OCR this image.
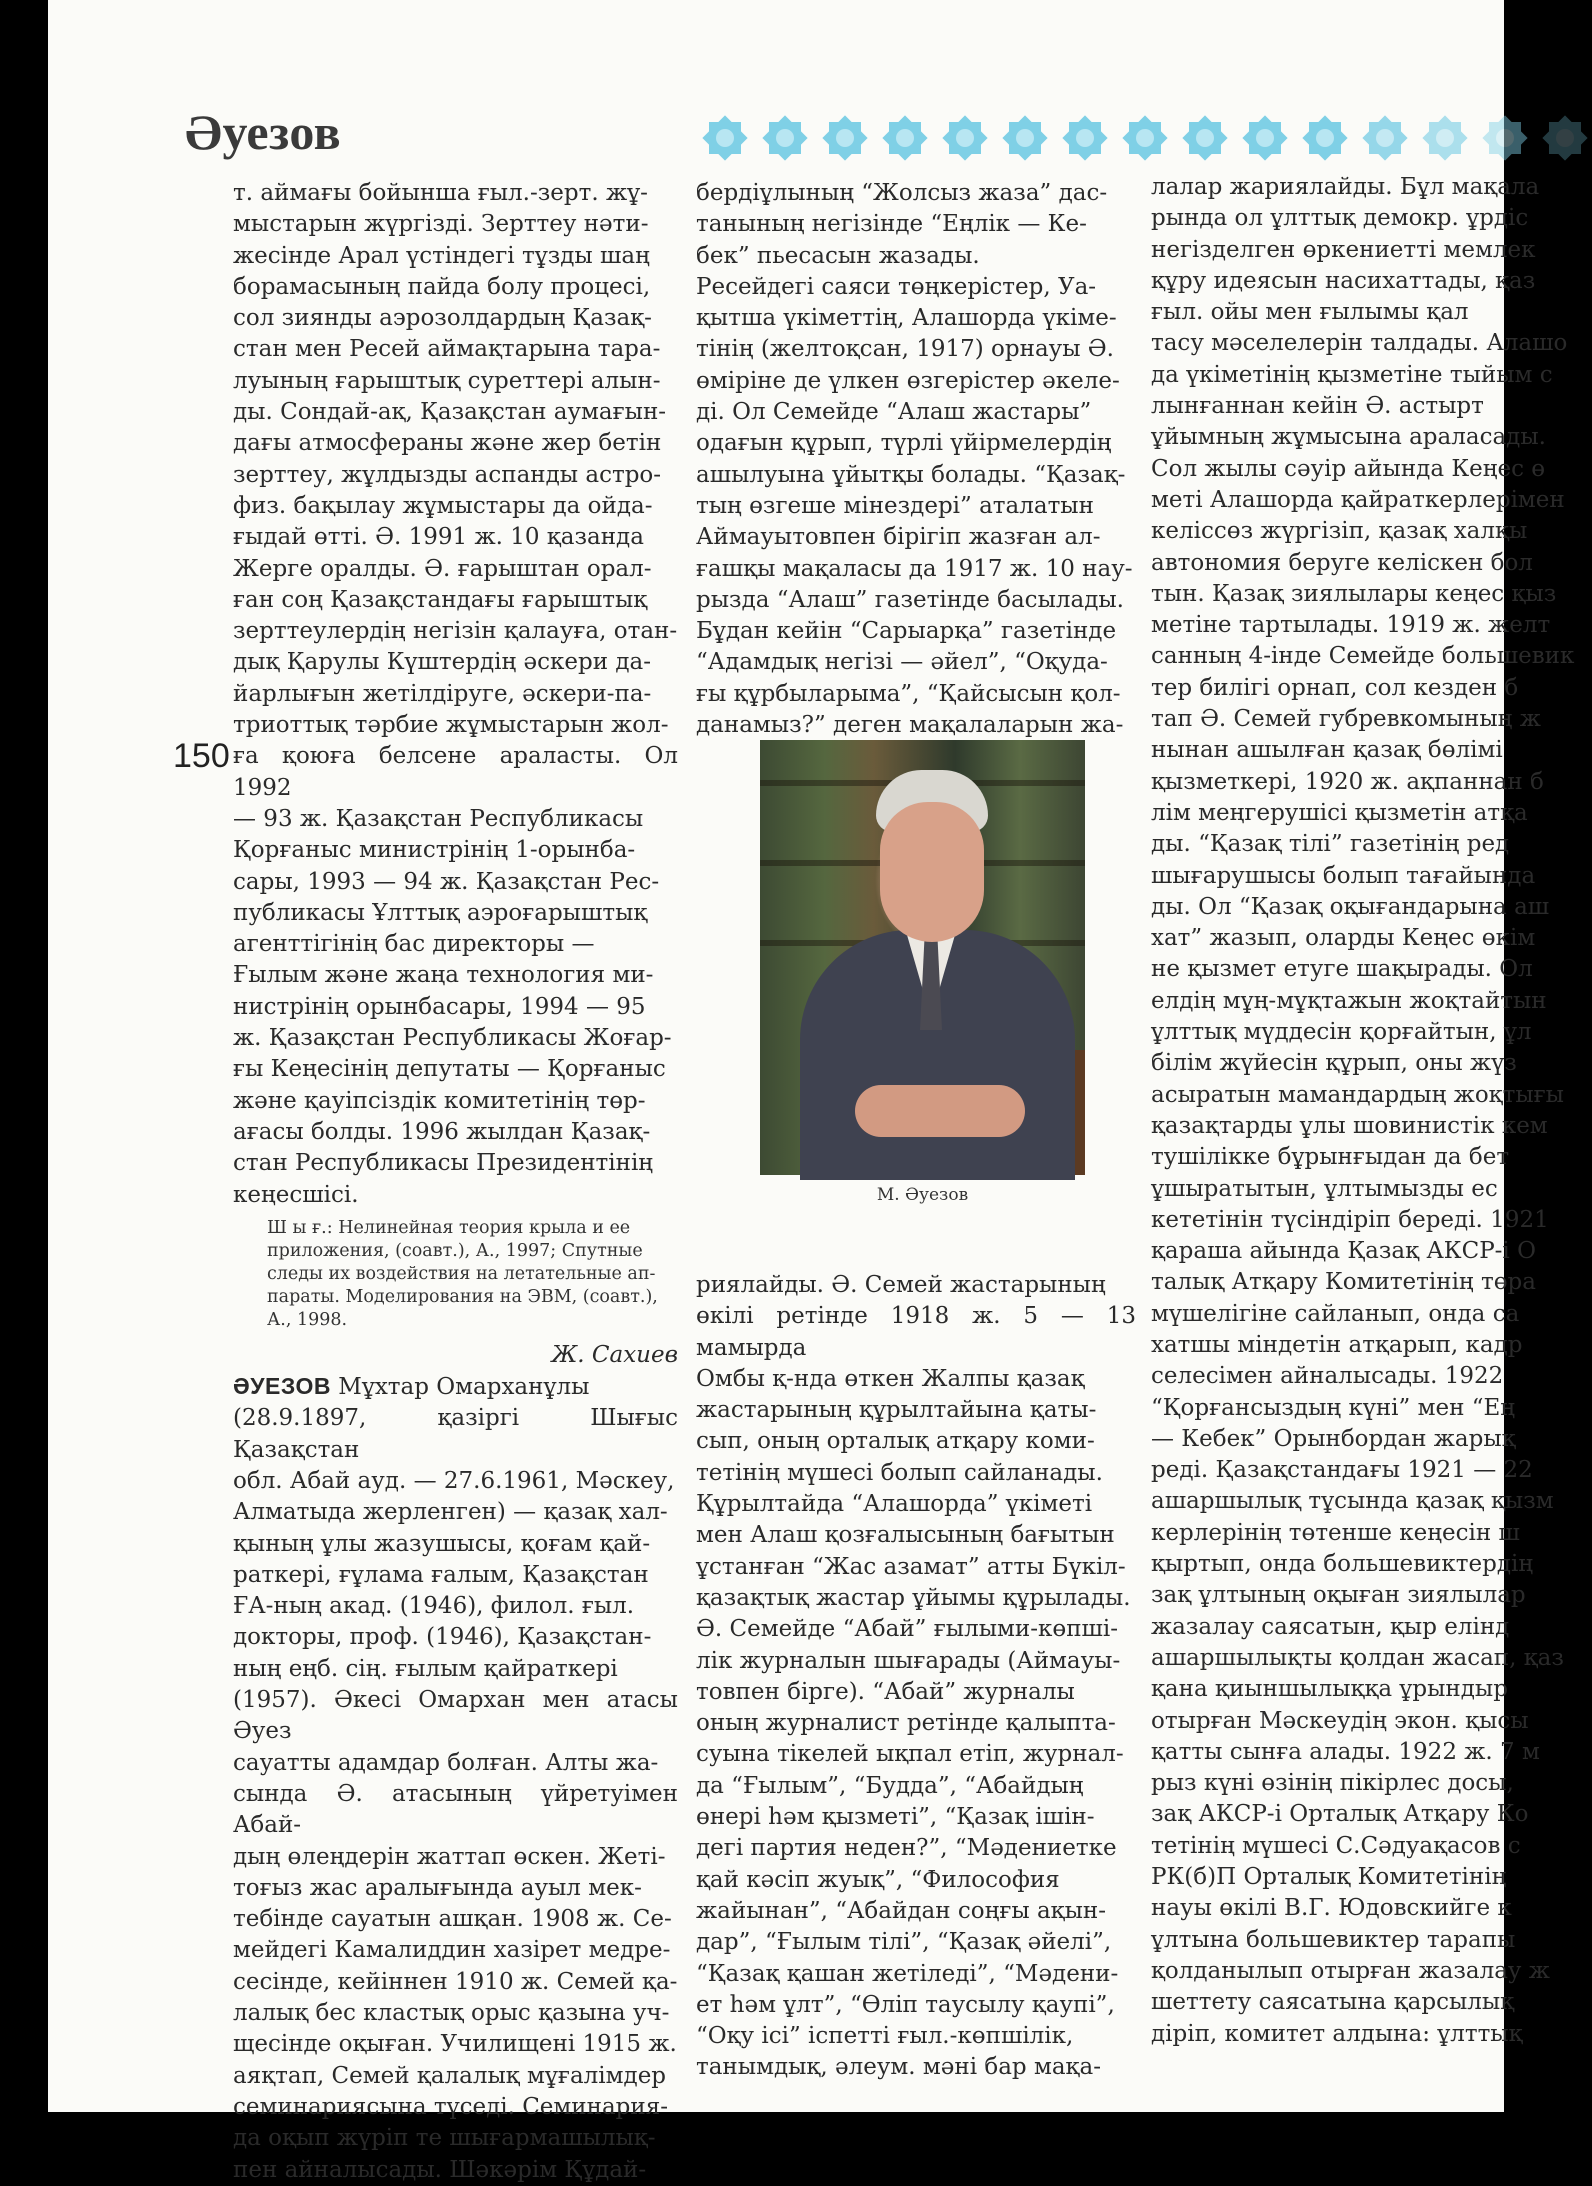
Әуезов
150
т. аймағы бойынша ғыл.-зерт. жұ-
мыстарын жүргізді. Зерттеу нәти-
жесінде Арал үстіндегі тұзды шаң
борамасының пайда болу процесі,
сол зиянды аэрозолдардың Қазақ-
стан мен Ресей аймақтарына тара-
луының ғарыштық суреттері алын-
ды. Сондай-ақ, Қазақстан аумағын-
дағы атмосфераны және жер бетін
зерттеу, жұлдызды аспанды астро-
физ. бақылау жұмыстары да ойда-
ғыдай өтті. Ә. 1991 ж. 10 қазанда
Жерге оралды. Ә. ғарыштан орал-
ған соң Қазақстандағы ғарыштық
зерттеулердің негізін қалауға, отан-
дық Қарулы Күштердің әскери да-
йарлығын жетілдіруге, әскери-па-
триоттық тәрбие жұмыстарын жол-
ға қоюға белсене араласты. Ол 1992
— 93 ж. Қазақстан Республикасы
Қорғаныс министрінің 1-орынба-
сары, 1993 — 94 ж. Қазақстан Рес-
публикасы Ұлттық аэроғарыштық
агенттігінің бас директоры —
Ғылым және жаңа технология ми-
нистрінің орынбасары, 1994 — 95
ж. Қазақстан Республикасы Жоғар-
ғы Кеңесінің депутаты — Қорғаныс
және қауіпсіздік комитетінің төр-
ағасы болды. 1996 жылдан Қазақ-
стан Республикасы Президентінің
кеңесшісі.
Ш ы ғ.: Нелинейная теория крыла и ее
приложения, (соавт.), А., 1997; Спутные
следы их воздействия на летательные ап-
параты. Моделирования на ЭВМ, (соавт.),
А., 1998.
Ж. Сахиев
ӘУЕЗОВ Мұхтар Омарханұлы
(28.9.1897, қазіргі Шығыс Қазақстан
обл. Абай ауд. — 27.6.1961, Мәскеу,
Алматыда жерленген) — қазақ хал-
қының ұлы жазушысы, қоғам қай-
раткері, ғұлама ғалым, Қазақстан
ҒА-ның акад. (1946), филол. ғыл.
докторы, проф. (1946), Қазақстан-
ның еңб. сің. ғылым қайраткері
(1957). Әкесі Омархан мен атасы Әуез
сауатты адамдар болған. Алты жа-
сында Ә. атасының үйретуімен Абай-
дың өлеңдерін жаттап өскен. Жеті-
тоғыз жас аралығында ауыл мек-
тебінде сауатын ашқан. 1908 ж. Се-
мейдегі Камалиддин хазірет медре-
сесінде, кейіннен 1910 ж. Семей қа-
лалық бес кластық орыс қазына уч-
щесінде оқыған. Училищені 1915 ж.
аяқтап, Семей қалалық мұғалімдер
семинариясына түседі. Семинария-
да оқып жүріп те шығармашылық-
пен айналысады. Шәкәрім Құдай-
бердіұлының “Жолсыз жаза” дас-
танының негізінде “Еңлік — Ке-
бек” пьесасын жазады.
Ресейдегі саяси төңкерістер, Уа-
қытша үкіметтің, Алашорда үкіме-
тінің (желтоқсан, 1917) орнауы Ә.
өміріне де үлкен өзгерістер әкеле-
ді. Ол Семейде “Алаш жастары”
одағын құрып, түрлі үйірмелердің
ашылуына ұйытқы болады. “Қазақ-
тың өзгеше мінездері” аталатын
Аймауытовпен бірігіп жазған ал-
ғашқы мақаласы да 1917 ж. 10 нау-
рызда “Алаш” газетінде басылады.
Бұдан кейін “Сарыарқа” газетінде
“Адамдық негізі — әйел”, “Оқуда-
ғы құрбыларыма”, “Қайсысын қол-
данамыз?” деген мақалаларын жа-
М. Әуезов
риялайды. Ә. Семей жастарының
өкілі ретінде 1918 ж. 5 — 13 мамырда
Омбы қ-нда өткен Жалпы қазақ
жастарының құрылтайына қаты-
сып, оның орталық атқару коми-
тетінің мүшесі болып сайланады.
Құрылтайда “Алашорда” үкіметі
мен Алаш қозғалысының бағытын
ұстанған “Жас азамат” атты Бүкіл-
қазақтық жастар ұйымы құрылады.
Ә. Семейде “Абай” ғылыми-көпші-
лік журналын шығарады (Аймауы-
товпен бірге). “Абай” журналы
оның журналист ретінде қалыпта-
суына тікелей ықпал етіп, журнал-
да “Ғылым”, “Будда”, “Абайдың
өнері һәм қызметі”, “Қазақ ішін-
дегі партия неден?”, “Мәдениетке
қай кәсіп жуық”, “Философия
жайынан”, “Абайдан соңғы ақын-
дар”, “Ғылым тілі”, “Қазақ әйелі”,
“Қазақ қашан жетіледі”, “Мәдени-
ет һәм ұлт”, “Өліп таусылу қаупі”,
“Оқу ісі” іспетті ғыл.-көпшілік,
танымдық, әлеум. мәні бар мақа-
лалар жариялайды. Бұл мақала
рында ол ұлттық демокр. ұрдіс
негізделген өркениетті мемлек
құру идеясын насихаттады, қаз
ғыл. ойы мен ғылымы қал
тасу мәселелерін талдады. Алашо
да үкіметінің қызметіне тыйым с
лынғаннан кейін Ә. астырт
ұйымның жұмысына араласады.
Сол жылы сәуір айында Кеңес ө
меті Алашорда қайраткерлерімен
келіссөз жүргізіп, қазақ халқы
автономия беруге келіскен бол
тын. Қазақ зиялылары кеңес қыз
метіне тартылады. 1919 ж. желт
санның 4-інде Семейде большевик
тер билігі орнап, сол кезден б
тап Ә. Семей губревкомының ж
нынан ашылған қазақ бөлімі
қызметкері, 1920 ж. ақпаннан б
лім меңгерушісі қызметін атқа
ды. “Қазақ тілі” газетінің ред
шығарушысы болып тағайында
ды. Ол “Қазақ оқығандарына аш
хат” жазып, оларды Кеңес өкім
не қызмет етуге шақырады. Ол
елдің мұң-мұқтажын жоқтайтын
ұлттық мүддесін қорғайтын, ұл
білім жүйесін құрып, оны жүз
асыратын мамандардың жоқтығы
қазақтарды ұлы шовинистік кем
тушілікке бұрынғыдан да бет
ұшыратытын, ұлтымызды ес
кететінін түсіндіріп береді. 1921
қараша айында Қазақ АКСР-і О
талық Атқару Комитетінің төра
мүшелігіне сайланып, онда са
хатшы міндетін атқарып, кадр
селесімен айналысады. 1922
“Қорғансыздың күні” мен “Ең
— Кебек” Орынбордан жарық
реді. Қазақстандағы 1921 — 22
ашаршылық тұсында қазақ қызм
керлерінің төтенше кеңесін ш
қыртып, онда большевиктердің
зақ ұлтының оқыған зиялылар
жазалау саясатын, қыр елінд
ашаршылықты қолдан жасап, қаз
қана қиыншылыққа ұрындыр
отырған Мәскеудің экон. қысы
қатты сынға алады. 1922 ж. 7 м
рыз күні өзінің пікірлес досы,
зақ АКСР-і Орталық Атқару Ко
тетінің мүшесі С.Сәдуақасов с
РК(б)П Орталық Комитетінің
науы өкілі В.Г. Юдовскийге к
ұлтына большевиктер тарапы
қолданылып отырған жазалау ж
шеттету саясатына қарсылық
діріп, комитет алдына: ұлттық
